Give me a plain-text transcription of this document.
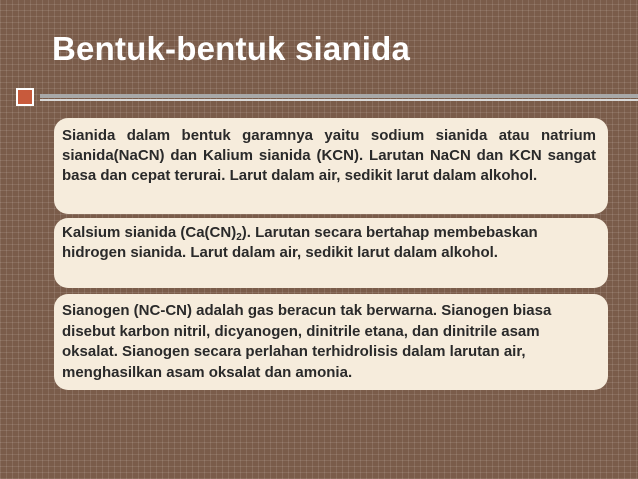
Bentuk-bentuk sianida
Sianida dalam bentuk garamnya yaitu sodium sianida atau natrium sianida(NaCN) dan Kalium sianida (KCN). Larutan NaCN dan KCN sangat basa dan cepat terurai. Larut dalam air, sedikit larut dalam alkohol.
Kalsium sianida $(Ca(CN)_2)$. Larutan secara bertahap membebaskan hidrogen sianida. Larut dalam air, sedikit larut dalam alkohol.
Sianogen (NC-CN) adalah gas beracun tak berwarna. Sianogen biasa disebut karbon nitril, dicyanogen, dinitrile etana, dan dinitrile asam oksalat. Sianogen secara perlahan terhidrolisis dalam larutan air, menghasilkan asam oksalat dan amonia.
